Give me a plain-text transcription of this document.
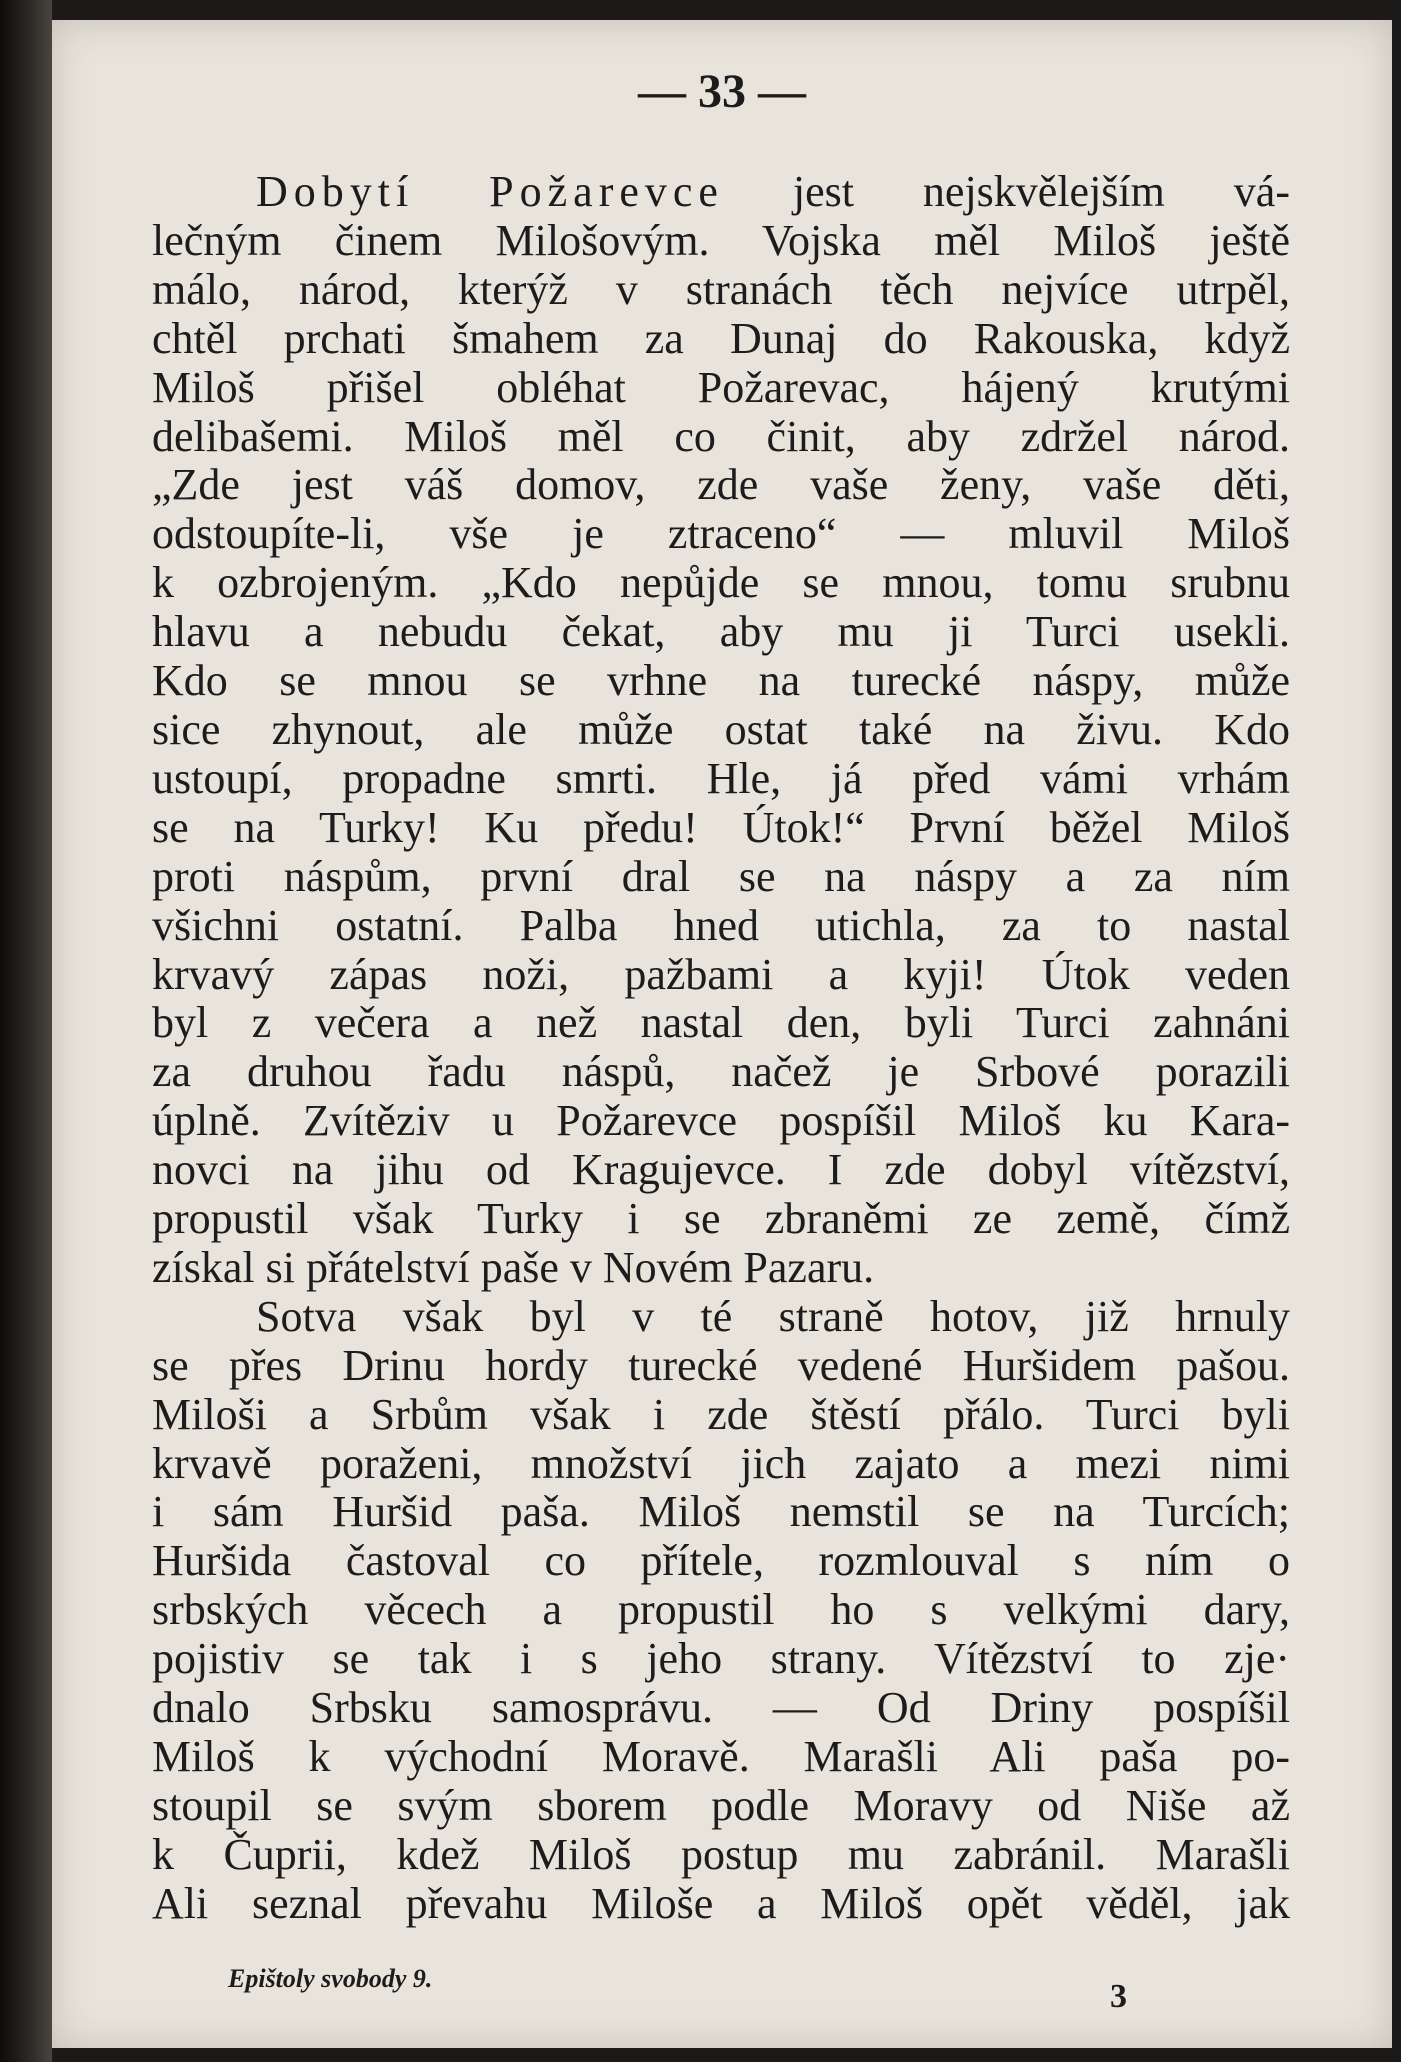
— 33 —

Dobytí Požarevce jest nejskvělejším vá-
lečným činem Milošovým. Vojska měl Miloš ještě
málo, národ, kterýž v stranách těch nejvíce utrpěl,
chtěl prchati šmahem za Dunaj do Rakouska, když
Miloš přišel obléhat Požarevac, hájený krutými
delibašemi. Miloš měl co činit, aby zdržel národ.
„Zde jest váš domov, zde vaše ženy, vaše děti,
odstoupíte-li, vše je ztraceno“ — mluvil Miloš
k ozbrojeným. „Kdo nepůjde se mnou, tomu srubnu
hlavu a nebudu čekat, aby mu ji Turci usekli.
Kdo se mnou se vrhne na turecké náspy, může
sice zhynout, ale může ostat také na živu. Kdo
ustoupí, propadne smrti. Hle, já před vámi vrhám
se na Turky! Ku předu! Útok!“ První běžel Miloš
proti náspům, první dral se na náspy a za ním
všichni ostatní. Palba hned utichla, za to nastal
krvavý zápas noži, pažbami a kyji! Útok veden
byl z večera a než nastal den, byli Turci zahnáni
za druhou řadu náspů, načež je Srbové porazili
úplně. Zvítěziv u Požarevce pospíšil Miloš ku Kara-
novci na jihu od Kragujevce. I zde dobyl vítězství,
propustil však Turky i se zbraněmi ze země, čímž
získal si přátelství paše v Novém Pazaru.

Sotva však byl v té straně hotov, již hrnuly
se přes Drinu hordy turecké vedené Huršidem pašou.
Miloši a Srbům však i zde štěstí přálo. Turci byli
krvavě poraženi, množství jich zajato a mezi nimi
i sám Huršid paša. Miloš nemstil se na Turcích;
Huršida častoval co přítele, rozmlouval s ním o
srbských věcech a propustil ho s velkými dary,
pojistiv se tak i s jeho strany. Vítězství to zje·
dnalo Srbsku samosprávu. — Od Driny pospíšil
Miloš k východní Moravě. Marašli Ali paša po-
stoupil se svým sborem podle Moravy od Niše až
k Čuprii, kdež Miloš postup mu zabránil. Marašli
Ali seznal převahu Miloše a Miloš opět věděl, jak

Epištoly svobody 9.	3
